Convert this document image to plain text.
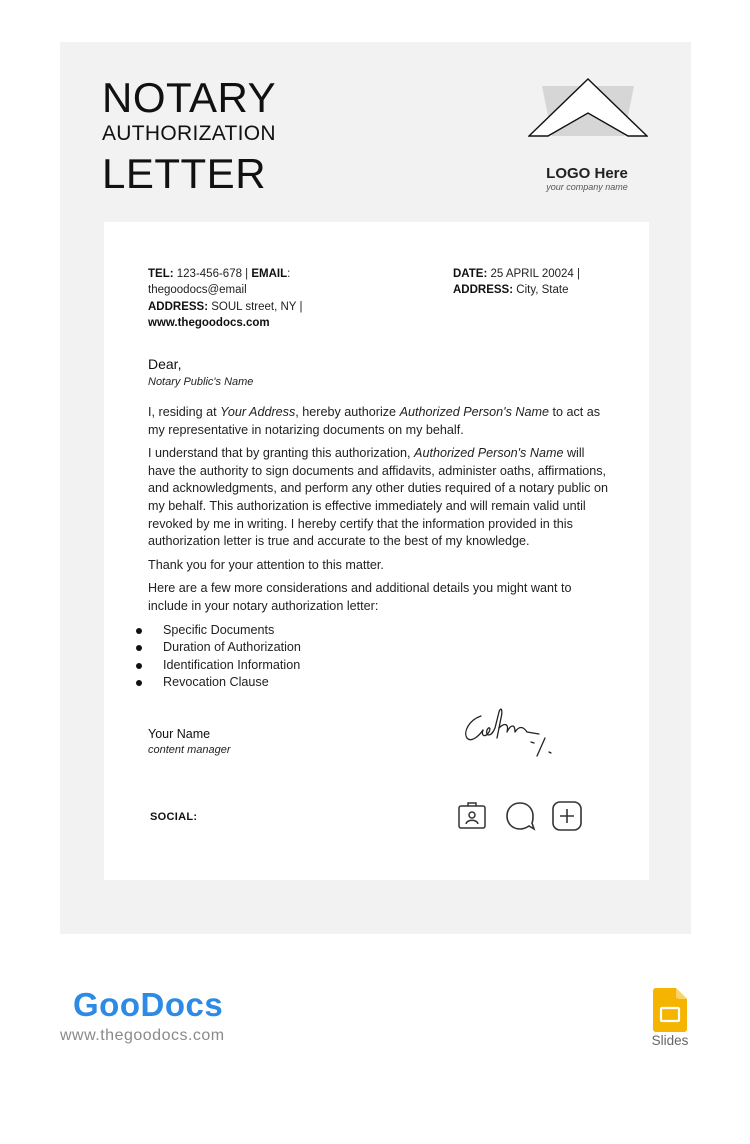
NOTARY
AUTHORIZATION
LETTER	LOGO Here
your company name
TEL: 123-456-678 | EMAIL:
thegoodocs@email
ADDRESS: SOUL street, NY |
www.thegoodocs.com
DATE: 25 APRIL 20024 |
ADDRESS: City, State
Dear,
Notary Public's Name

I, residing at Your Address, hereby authorize Authorized Person's Name to act as my representative in notarizing documents on my behalf.

I understand that by granting this authorization, Authorized Person's Name will have the authority to sign documents and affidavits, administer oaths, affirmations, and acknowledgments, and perform any other duties required of a notary public on my behalf. This authorization is effective immediately and will remain valid until revoked by me in writing. I hereby certify that the information provided in this authorization letter is true and accurate to the best of my knowledge.

Thank you for your attention to this matter.

Here are a few more considerations and additional details you might want to include in your notary authorization letter:

Specific Documents
Duration of Authorization
Identification Information
Revocation Clause
Your Name
content manager
SOCIAL:
GooDocs
www.thegoodocs.com	Slides
